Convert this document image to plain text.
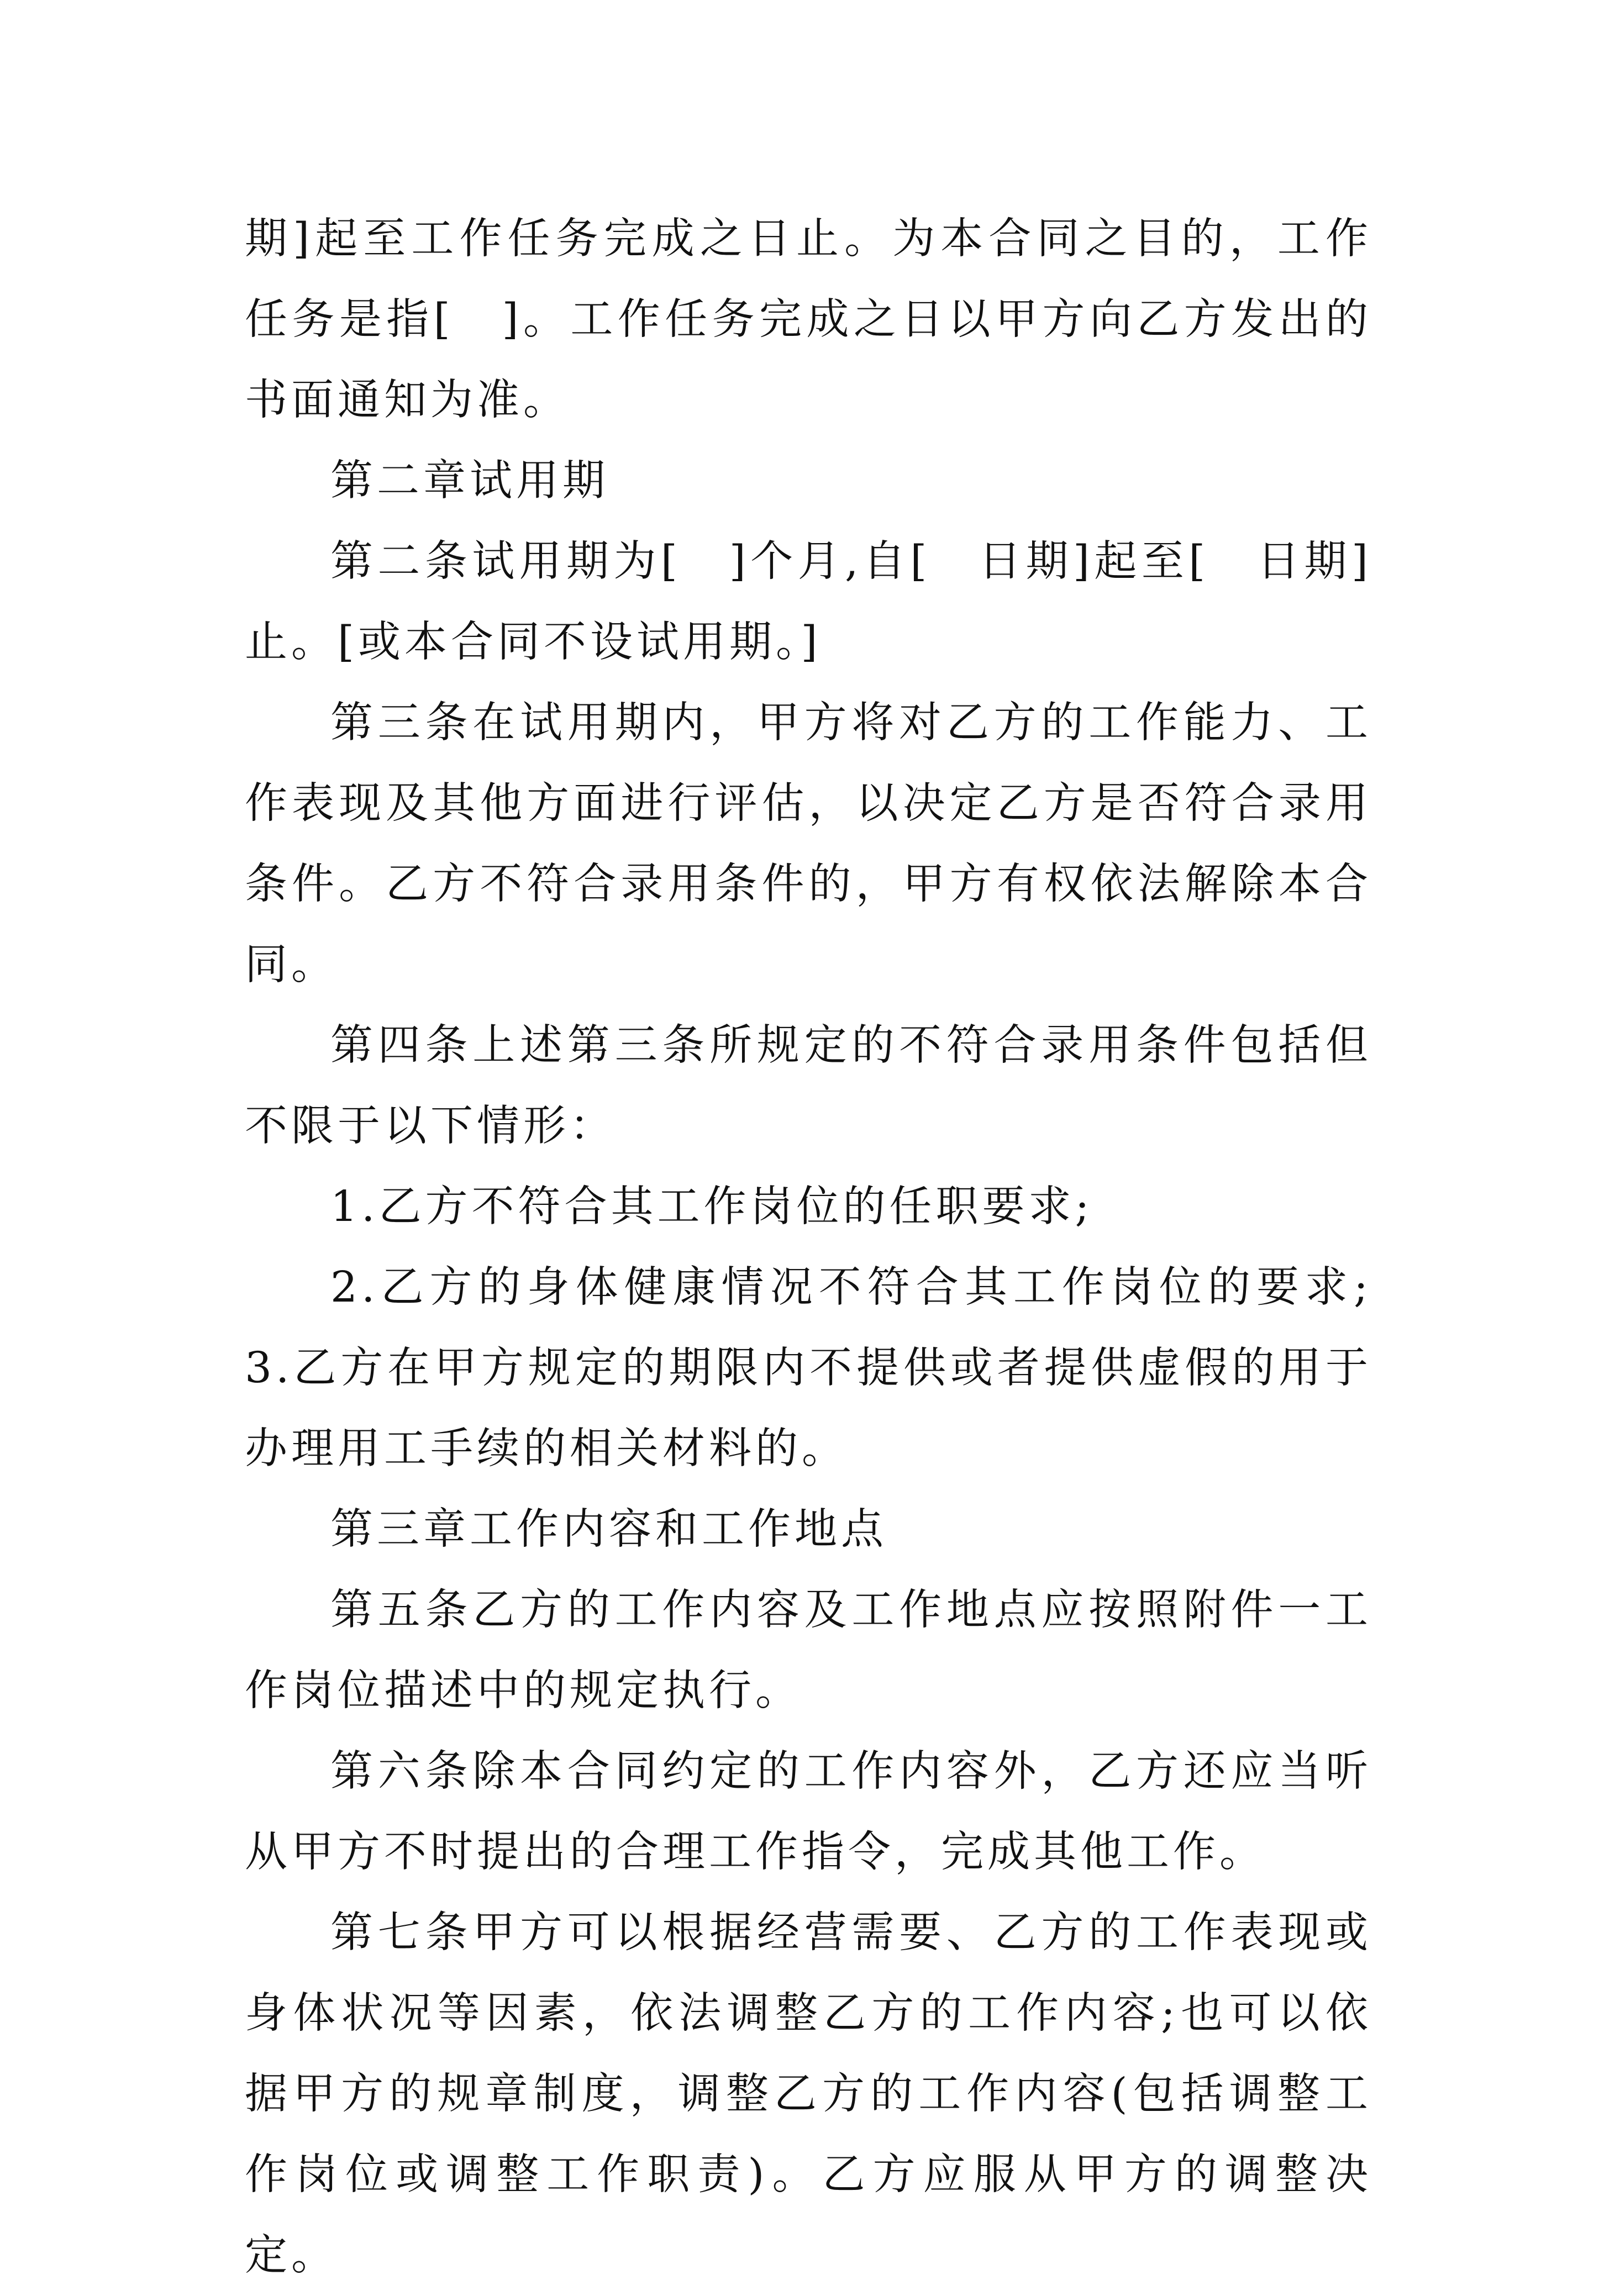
期]起至工作任务完成之日止。为本合同之目的，工作任务是指[　]。工作任务完成之日以甲方向乙方发出的书面通知为准。

第二章试用期

第二条试用期为[　]个月,自[　日期]起至[　日期]止。[或本合同不设试用期。]

第三条在试用期内，甲方将对乙方的工作能力、工作表现及其他方面进行评估，以决定乙方是否符合录用条件。乙方不符合录用条件的，甲方有权依法解除本合同。

第四条上述第三条所规定的不符合录用条件包括但不限于以下情形：

1.乙方不符合其工作岗位的任职要求;

2.乙方的身体健康情况不符合其工作岗位的要求;3.乙方在甲方规定的期限内不提供或者提供虚假的用于办理用工手续的相关材料的。

第三章工作内容和工作地点

第五条乙方的工作内容及工作地点应按照附件一工作岗位描述中的规定执行。

第六条除本合同约定的工作内容外，乙方还应当听从甲方不时提出的合理工作指令，完成其他工作。

第七条甲方可以根据经营需要、乙方的工作表现或身体状况等因素，依法调整乙方的工作内容;也可以依据甲方的规章制度，调整乙方的工作内容(包括调整工作岗位或调整工作职责)。乙方应服从甲方的调整决定。
